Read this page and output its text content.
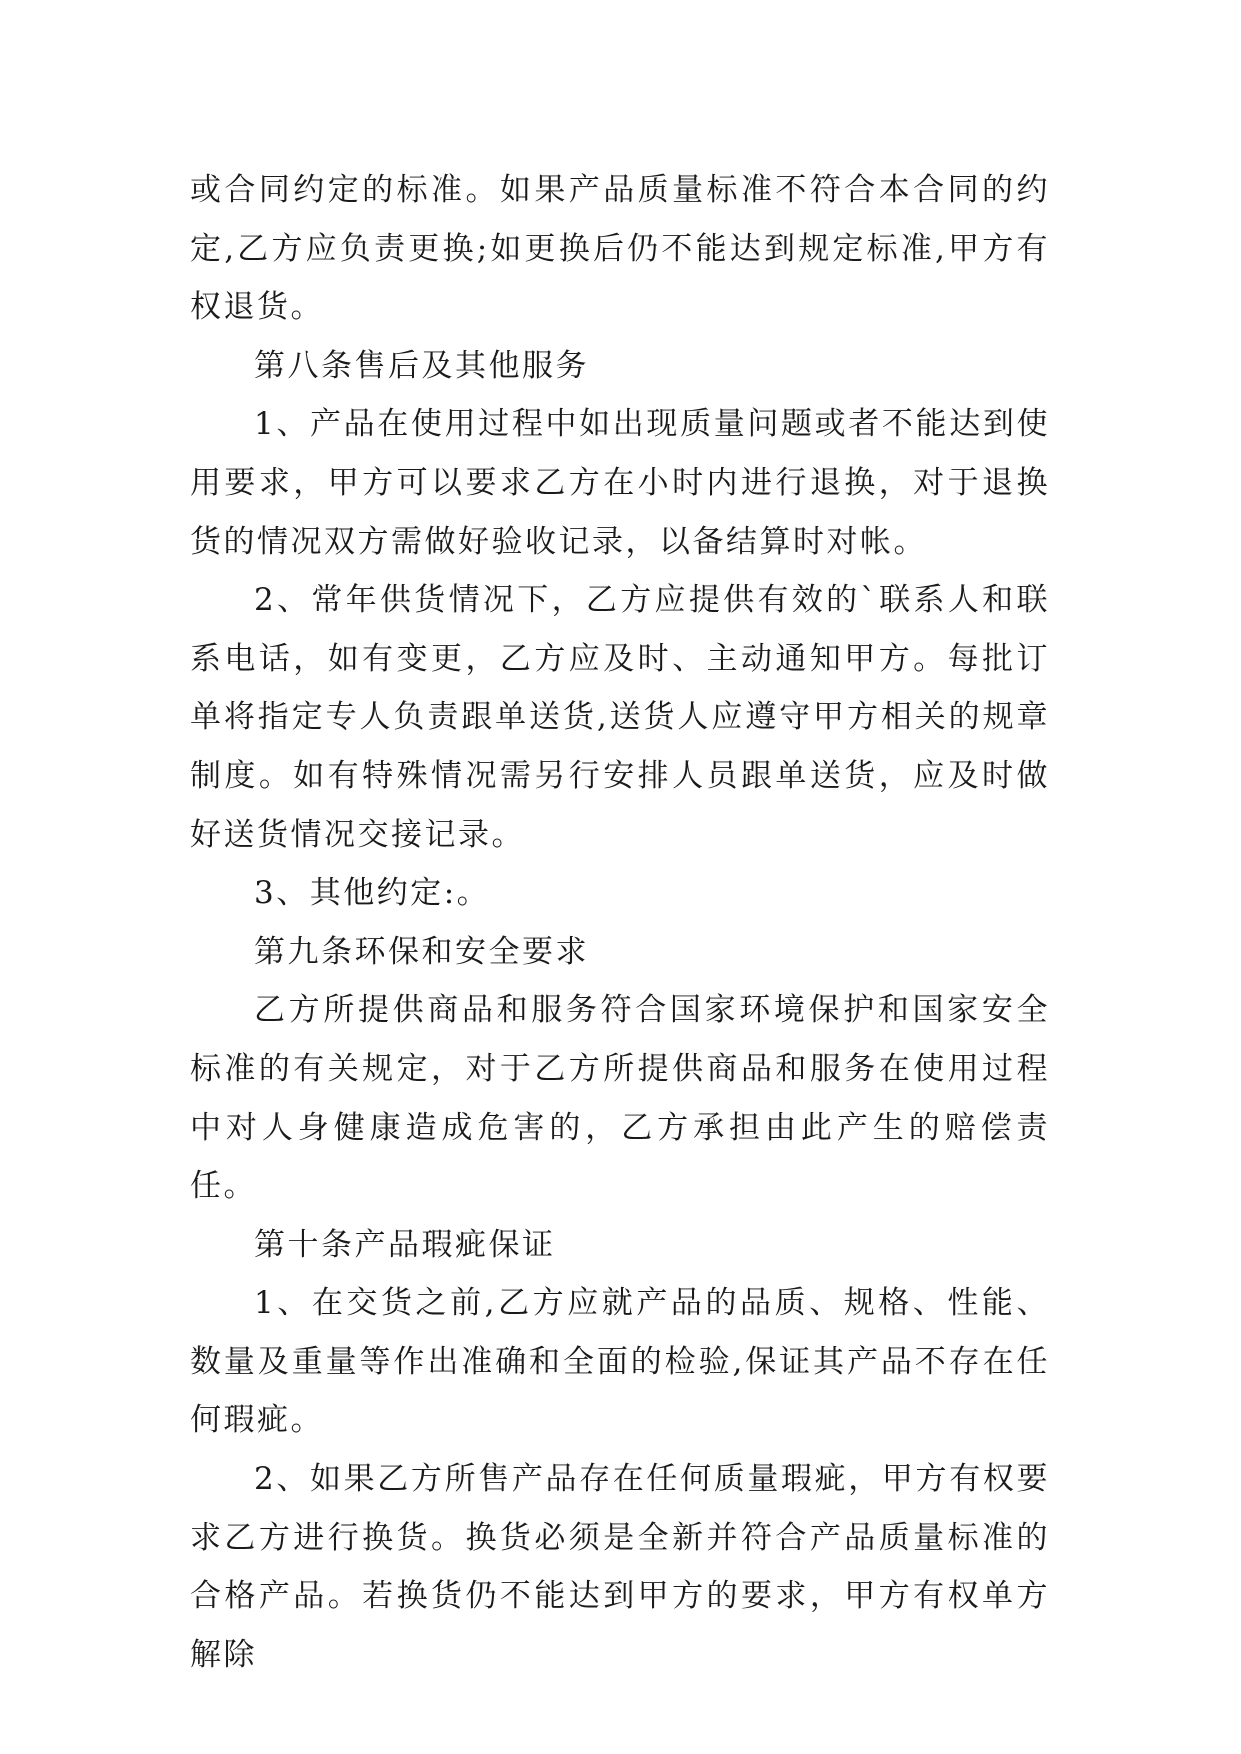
或合同约定的标准。如果产品质量标准不符合本合同的约定,乙方应负责更换;如更换后仍不能达到规定标准,甲方有权退货。

第八条售后及其他服务

1、产品在使用过程中如出现质量问题或者不能达到使用要求，甲方可以要求乙方在小时内进行退换，对于退换货的情况双方需做好验收记录，以备结算时对帐。

2、常年供货情况下，乙方应提供有效的`联系人和联系电话，如有变更，乙方应及时、主动通知甲方。每批订单将指定专人负责跟单送货,送货人应遵守甲方相关的规章制度。如有特殊情况需另行安排人员跟单送货，应及时做好送货情况交接记录。

3、其他约定:。

第九条环保和安全要求

乙方所提供商品和服务符合国家环境保护和国家安全标准的有关规定，对于乙方所提供商品和服务在使用过程中对人身健康造成危害的，乙方承担由此产生的赔偿责任。

第十条产品瑕疵保证

1、在交货之前,乙方应就产品的品质、规格、性能、数量及重量等作出准确和全面的检验,保证其产品不存在任何瑕疵。

2、如果乙方所售产品存在任何质量瑕疵，甲方有权要求乙方进行换货。换货必须是全新并符合产品质量标准的合格产品。若换货仍不能达到甲方的要求，甲方有权单方解除
